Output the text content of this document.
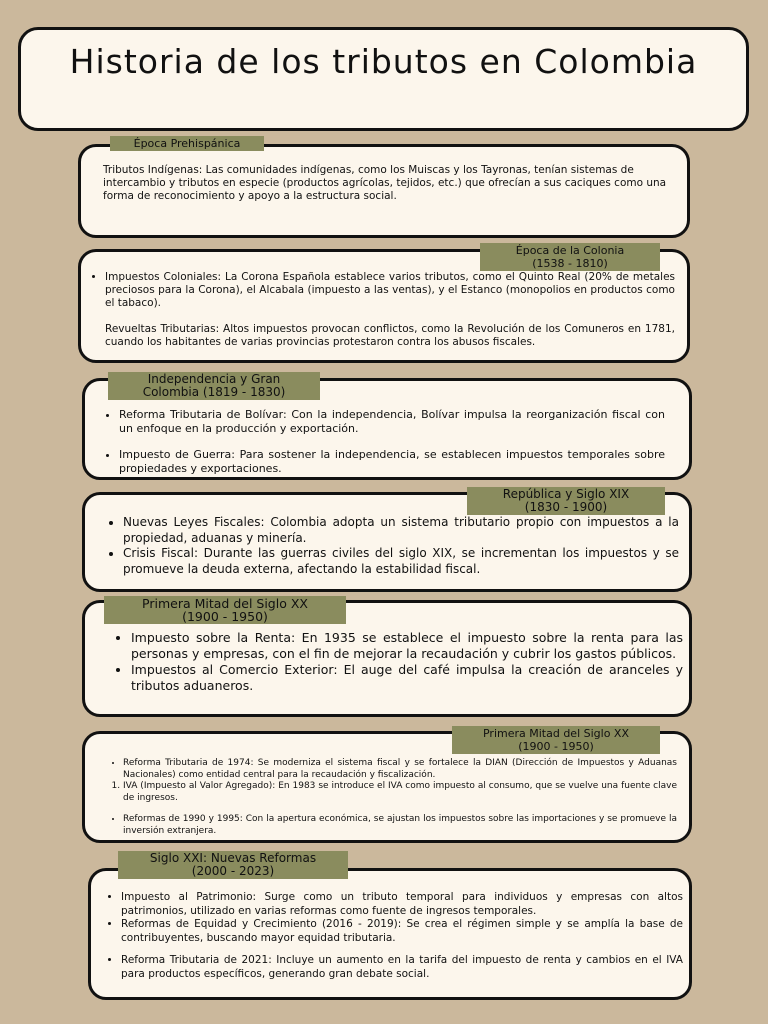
Historia de los tributos en Colombia

Tributos Indígenas: Las comunidades indígenas, como los Muiscas y los Tayronas, tenían sistemas de intercambio y tributos en especie (productos agrícolas, tejidos, etc.) que ofrecían a sus caciques como una forma de reconocimiento y apoyo a la estructura social.

Época Prehispánica
• Impuestos Coloniales: La Corona Española establece varios tributos, como el Quinto Real (20% de metales preciosos para la Corona), el Alcabala (impuesto a las ventas), y el Estanco (monopolios en productos como el tabaco).
Revueltas Tributarias: Altos impuestos provocan conflictos, como la Revolución de los Comuneros en 1781, cuando los habitantes de varias provincias protestaron contra los abusos fiscales.
Época de la Colonia
(1538 - 1810)
• Reforma Tributaria de Bolívar: Con la independencia, Bolívar impulsa la reorganización fiscal con un enfoque en la producción y exportación.
• Impuesto de Guerra: Para sostener la independencia, se establecen impuestos temporales sobre propiedades y exportaciones.
Independencia y Gran
Colombia (1819 - 1830)
• Nuevas Leyes Fiscales: Colombia adopta un sistema tributario propio con impuestos a la propiedad, aduanas y minería.
• Crisis Fiscal: Durante las guerras civiles del siglo XIX, se incrementan los impuestos y se promueve la deuda externa, afectando la estabilidad fiscal.
República y Siglo XIX
(1830 - 1900)
• Impuesto sobre la Renta: En 1935 se establece el impuesto sobre la renta para las personas y empresas, con el fin de mejorar la recaudación y cubrir los gastos públicos.
• Impuestos al Comercio Exterior: El auge del café impulsa la creación de aranceles y tributos aduaneros.
Primera Mitad del Siglo XX
(1900 - 1950)
• Reforma Tributaria de 1974: Se moderniza el sistema fiscal y se fortalece la DIAN (Dirección de Impuestos y Aduanas Nacionales) como entidad central para la recaudación y fiscalización.
1. IVA (Impuesto al Valor Agregado): En 1983 se introduce el IVA como impuesto al consumo, que se vuelve una fuente clave de ingresos.
• Reformas de 1990 y 1995: Con la apertura económica, se ajustan los impuestos sobre las importaciones y se promueve la inversión extranjera.
Primera Mitad del Siglo XX
(1900 - 1950)
• Impuesto al Patrimonio: Surge como un tributo temporal para individuos y empresas con altos patrimonios, utilizado en varias reformas como fuente de ingresos temporales.
• Reformas de Equidad y Crecimiento (2016 - 2019): Se crea el régimen simple y se amplía la base de contribuyentes, buscando mayor equidad tributaria.
• Reforma Tributaria de 2021: Incluye un aumento en la tarifa del impuesto de renta y cambios en el IVA para productos específicos, generando gran debate social.
Siglo XXI: Nuevas Reformas
(2000 - 2023)
